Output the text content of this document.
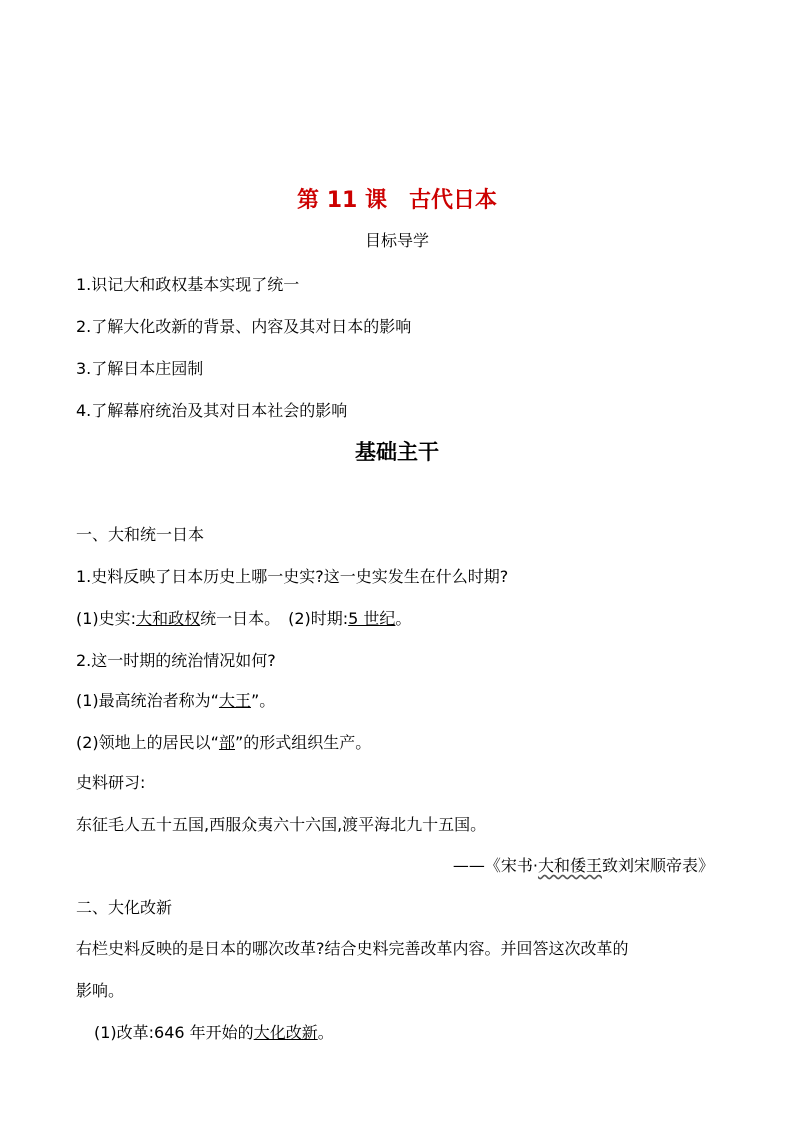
第 11 课　古代日本
目标导学
1.识记大和政权基本实现了统一
2.了解大化改新的背景、内容及其对日本的影响
3.了解日本庄园制
4.了解幕府统治及其对日本社会的影响
基础主干
一、大和统一日本
1.史料反映了日本历史上哪一史实?这一史实发生在什么时期?
(1)史实:大和政权统一日本。　(2)时期:5 世纪。
2.这一时期的统治情况如何?
(1)最高统治者称为“大王”。
(2)领地上的居民以“部”的形式组织生产。
史料研习:
东征毛人五十五国,西服众夷六十六国,渡平海北九十五国。
——《宋书·大和倭王致刘宋顺帝表》
二、大化改新
右栏史料反映的是日本的哪次改革?结合史料完善改革内容。并回答这次改革的
影响。
(1)改革:646 年开始的大化改新。
